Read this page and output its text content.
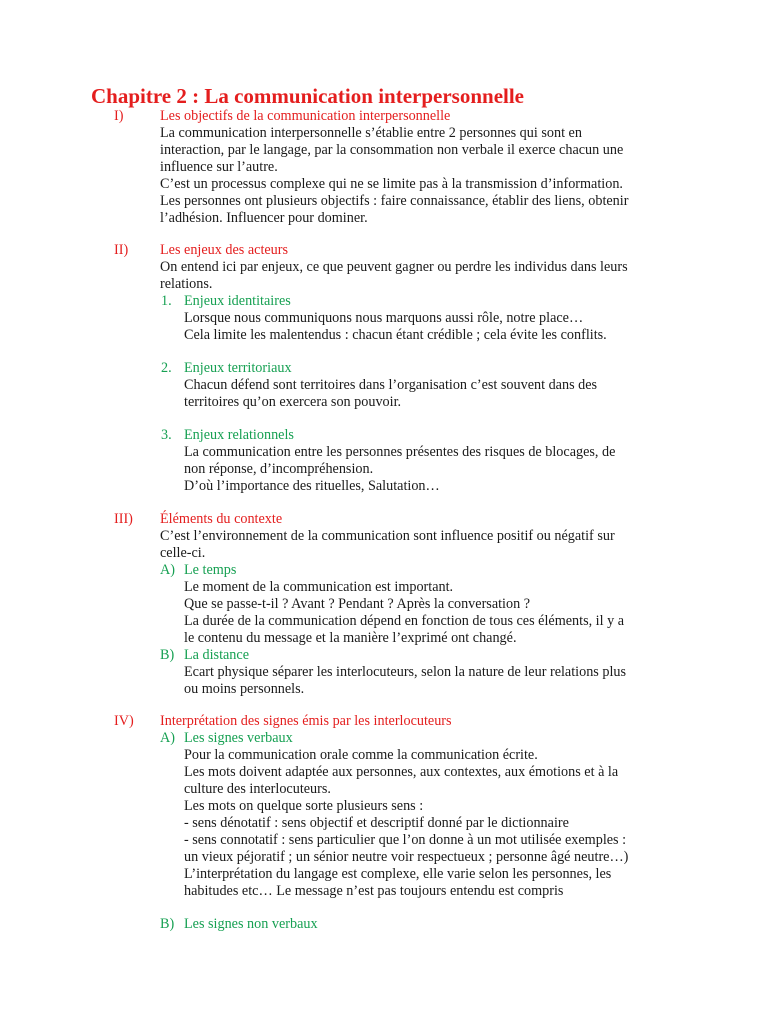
Chapitre 2 : La communication interpersonnelle
I)	Les objectifs de la communication interpersonnelle
La communication interpersonnelle s’établie entre 2 personnes qui sont en
interaction, par le langage, par la consommation non verbale il exerce chacun une
influence sur l’autre.
C’est un processus complexe qui ne se limite pas à la transmission d’information.
Les personnes ont plusieurs objectifs : faire connaissance, établir des liens, obtenir
l’adhésion. Influencer pour dominer.
II) Les enjeux des acteurs
On entend ici par enjeux, ce que peuvent gagner ou perdre les individus dans leurs
relations.
1. Enjeux identitaires
Lorsque nous communiquons nous marquons aussi rôle, notre place…
Cela limite les malentendus : chacun étant crédible ; cela évite les conflits.
2. Enjeux territoriaux
Chacun défend sont territoires dans l’organisation c’est souvent dans des
territoires qu’on exercera son pouvoir.
3. Enjeux relationnels
La communication entre les personnes présentes des risques de blocages, de
non réponse, d’incompréhension.
D’où l’importance des rituelles, Salutation…
III) Éléments du contexte
C’est l’environnement de la communication sont influence positif ou négatif sur
celle-ci.
A) Le temps
Le moment de la communication est important.
Que se passe-t-il ? Avant ? Pendant ? Après la conversation ?
La durée de la communication dépend en fonction de tous ces éléments, il y a
le contenu du message et la manière l’exprimé ont changé.
B) La distance
Ecart physique séparer les interlocuteurs, selon la nature de leur relations plus
ou moins personnels.
IV) Interprétation des signes émis par les interlocuteurs
A) Les signes verbaux
Pour la communication orale comme la communication écrite.
Les mots doivent adaptée aux personnes, aux contextes, aux émotions et à la
culture des interlocuteurs.
Les mots on quelque sorte plusieurs sens :
- sens dénotatif : sens objectif et descriptif donné par le dictionnaire
- sens connotatif : sens particulier que l’on donne à un mot utilisée exemples :
un vieux péjoratif ; un sénior neutre voir respectueux ; personne âgé neutre…)
L’interprétation du langage est complexe, elle varie selon les personnes, les
habitudes etc… Le message n’est pas toujours entendu est compris
B) Les signes non verbaux
